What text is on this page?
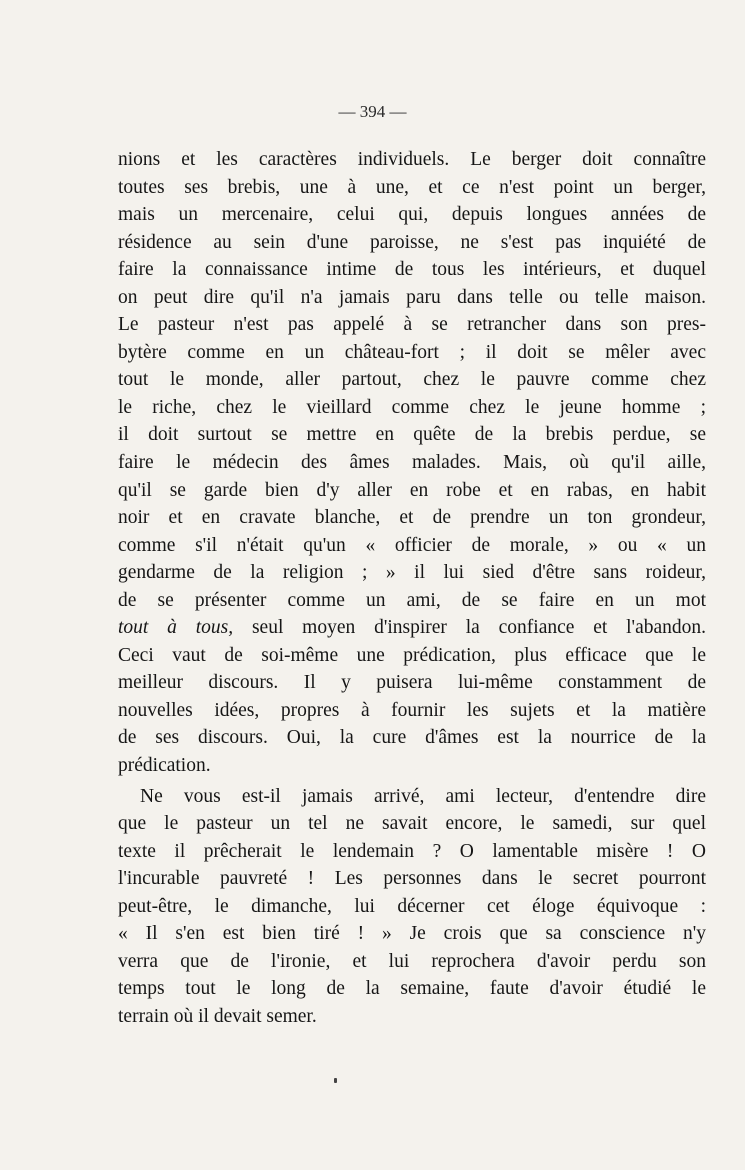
— 394 —
nions et les caractères individuels. Le berger doit connaître
toutes ses brebis, une à une, et ce n'est point un berger,
mais un mercenaire, celui qui, depuis longues années de
résidence au sein d'une paroisse, ne s'est pas inquiété de
faire la connaissance intime de tous les intérieurs, et duquel
on peut dire qu'il n'a jamais paru dans telle ou telle maison.
Le pasteur n'est pas appelé à se retrancher dans son pres-
bytère comme en un château-fort ; il doit se mêler avec
tout le monde, aller partout, chez le pauvre comme chez
le riche, chez le vieillard comme chez le jeune homme ;
il doit surtout se mettre en quête de la brebis perdue, se
faire le médecin des âmes malades. Mais, où qu'il aille,
qu'il se garde bien d'y aller en robe et en rabas, en habit
noir et en cravate blanche, et de prendre un ton grondeur,
comme s'il n'était qu'un « officier de morale, » ou « un
gendarme de la religion ; » il lui sied d'être sans roideur,
de se présenter comme un ami, de se faire en un mot
tout à tous, seul moyen d'inspirer la confiance et l'abandon.
Ceci vaut de soi-même une prédication, plus efficace que le
meilleur discours. Il y puisera lui-même constamment de
nouvelles idées, propres à fournir les sujets et la matière
de ses discours. Oui, la cure d'âmes est la nourrice de la
prédication.
Ne vous est-il jamais arrivé, ami lecteur, d'entendre dire
que le pasteur un tel ne savait encore, le samedi, sur quel
texte il prêcherait le lendemain ? O lamentable misère ! O
l'incurable pauvreté ! Les personnes dans le secret pourront
peut-être, le dimanche, lui décerner cet éloge équivoque :
« Il s'en est bien tiré ! » Je crois que sa conscience n'y
verra que de l'ironie, et lui reprochera d'avoir perdu son
temps tout le long de la semaine, faute d'avoir étudié le
terrain où il devait semer.
